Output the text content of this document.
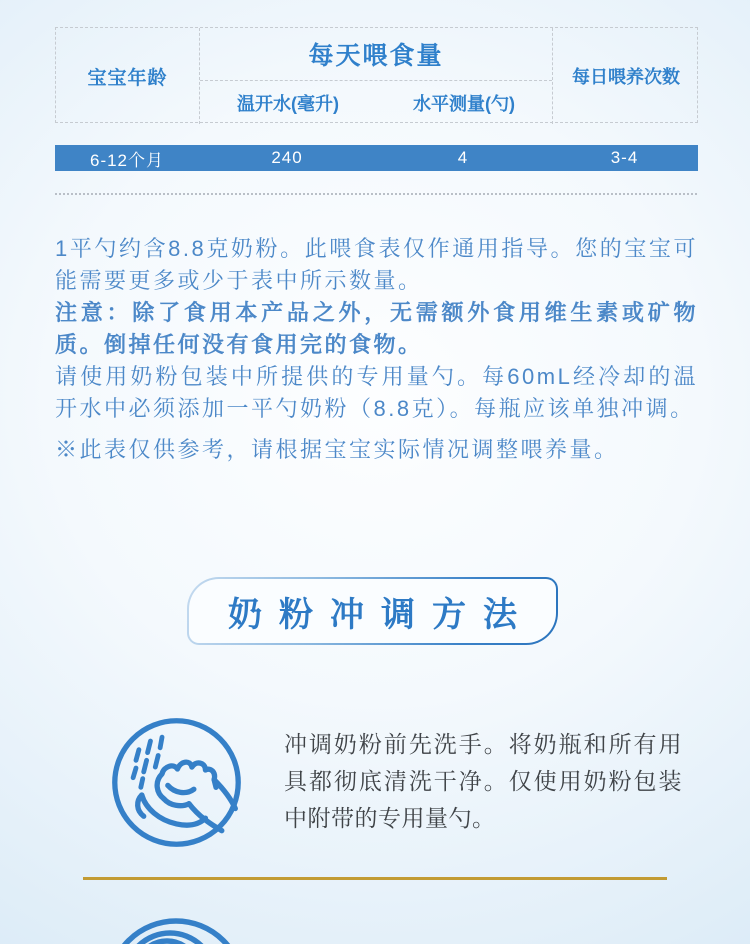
宝宝年龄
每天喂食量
温开水(毫升)	水平测量(勺)
每日喂养次数
6-12个月	240	4	3-4

1平勺约含8.8克奶粉。此喂食表仅作通用指导。您的宝宝可能需要更多或少于表中所示数量。

注意：除了食用本产品之外，无需额外食用维生素或矿物质。倒掉任何没有食用完的食物。

请使用奶粉包装中所提供的专用量勺。每60mL经冷却的温开水中必须添加一平勺奶粉（8.8克）。每瓶应该单独冲调。

※此表仅供参考，请根据宝宝实际情况调整喂养量。

奶粉冲调方法
冲调奶粉前先洗手。将奶瓶和所有用具都彻底清洗干净。仅使用奶粉包装中附带的专用量勺。
